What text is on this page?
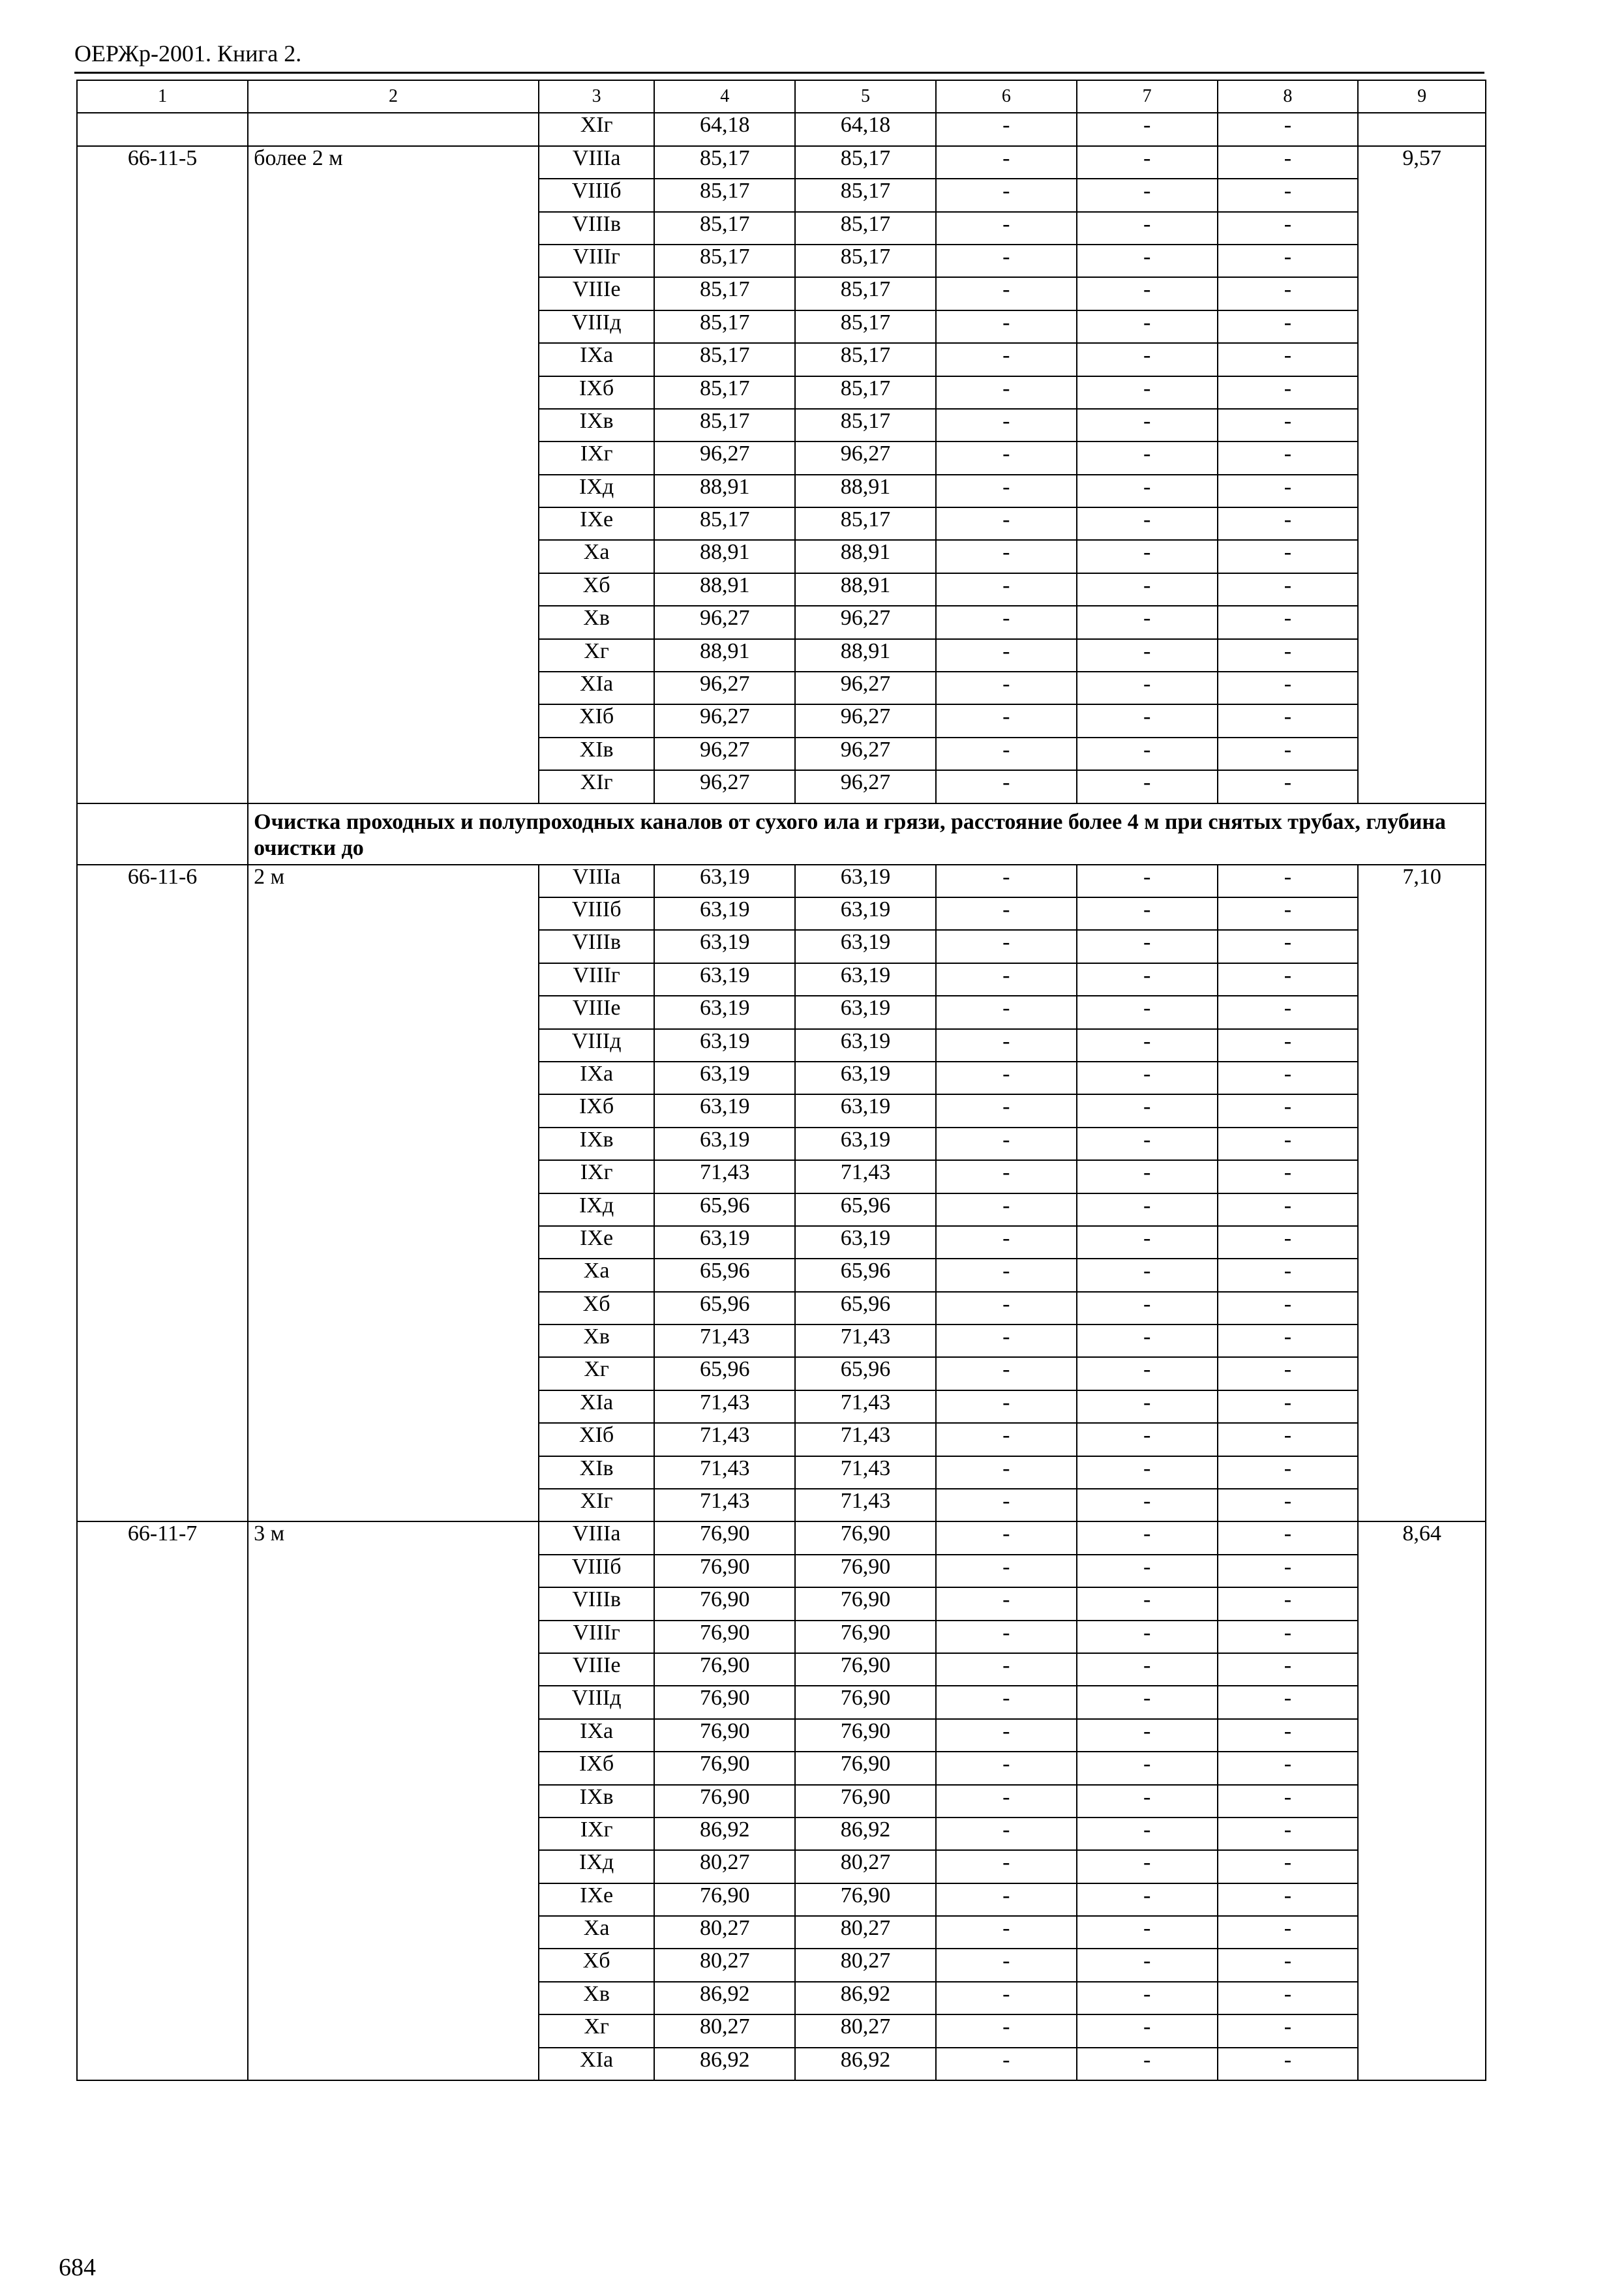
ОЕРЖр-2001. Книга 2.
1	2	3	4	5	6	7	8	9
		XIг	64,18	64,18	-	-	-	
66-11-5	более 2 м	VIIIа	85,17	85,17	-	-	-	9,57
		VIIIб	85,17	85,17	-	-	-	
		VIIIв	85,17	85,17	-	-	-	
		VIIIг	85,17	85,17	-	-	-	
		VIIIе	85,17	85,17	-	-	-	
		VIIIд	85,17	85,17	-	-	-	
		IXа	85,17	85,17	-	-	-	
		IXб	85,17	85,17	-	-	-	
		IXв	85,17	85,17	-	-	-	
		IXг	96,27	96,27	-	-	-	
		IXд	88,91	88,91	-	-	-	
		IXе	85,17	85,17	-	-	-	
		Xа	88,91	88,91	-	-	-	
		Xб	88,91	88,91	-	-	-	
		Xв	96,27	96,27	-	-	-	
		Xг	88,91	88,91	-	-	-	
		XIа	96,27	96,27	-	-	-	
		XIб	96,27	96,27	-	-	-	
		XIв	96,27	96,27	-	-	-	
		XIг	96,27	96,27	-	-	-	
	Очистка проходных и полупроходных каналов от сухого ила и грязи, расстояние более 4 м при снятых трубах, глубина очистки до							
66-11-6	2 м	VIIIа	63,19	63,19	-	-	-	7,10
		VIIIб	63,19	63,19	-	-	-	
		VIIIв	63,19	63,19	-	-	-	
		VIIIг	63,19	63,19	-	-	-	
		VIIIе	63,19	63,19	-	-	-	
		VIIIд	63,19	63,19	-	-	-	
		IXа	63,19	63,19	-	-	-	
		IXб	63,19	63,19	-	-	-	
		IXв	63,19	63,19	-	-	-	
		IXг	71,43	71,43	-	-	-	
		IXд	65,96	65,96	-	-	-	
		IXе	63,19	63,19	-	-	-	
		Xа	65,96	65,96	-	-	-	
		Xб	65,96	65,96	-	-	-	
		Xв	71,43	71,43	-	-	-	
		Xг	65,96	65,96	-	-	-	
		XIа	71,43	71,43	-	-	-	
		XIб	71,43	71,43	-	-	-	
		XIв	71,43	71,43	-	-	-	
		XIг	71,43	71,43	-	-	-	
66-11-7	3 м	VIIIа	76,90	76,90	-	-	-	8,64
		VIIIб	76,90	76,90	-	-	-	
		VIIIв	76,90	76,90	-	-	-	
		VIIIг	76,90	76,90	-	-	-	
		VIIIе	76,90	76,90	-	-	-	
		VIIIд	76,90	76,90	-	-	-	
		IXа	76,90	76,90	-	-	-	
		IXб	76,90	76,90	-	-	-	
		IXв	76,90	76,90	-	-	-	
		IXг	86,92	86,92	-	-	-	
		IXд	80,27	80,27	-	-	-	
		IXе	76,90	76,90	-	-	-	
		Xа	80,27	80,27	-	-	-	
		Xб	80,27	80,27	-	-	-	
		Xв	86,92	86,92	-	-	-	
		Xг	80,27	80,27	-	-	-	
		XIа	86,92	86,92	-	-	-	
684
